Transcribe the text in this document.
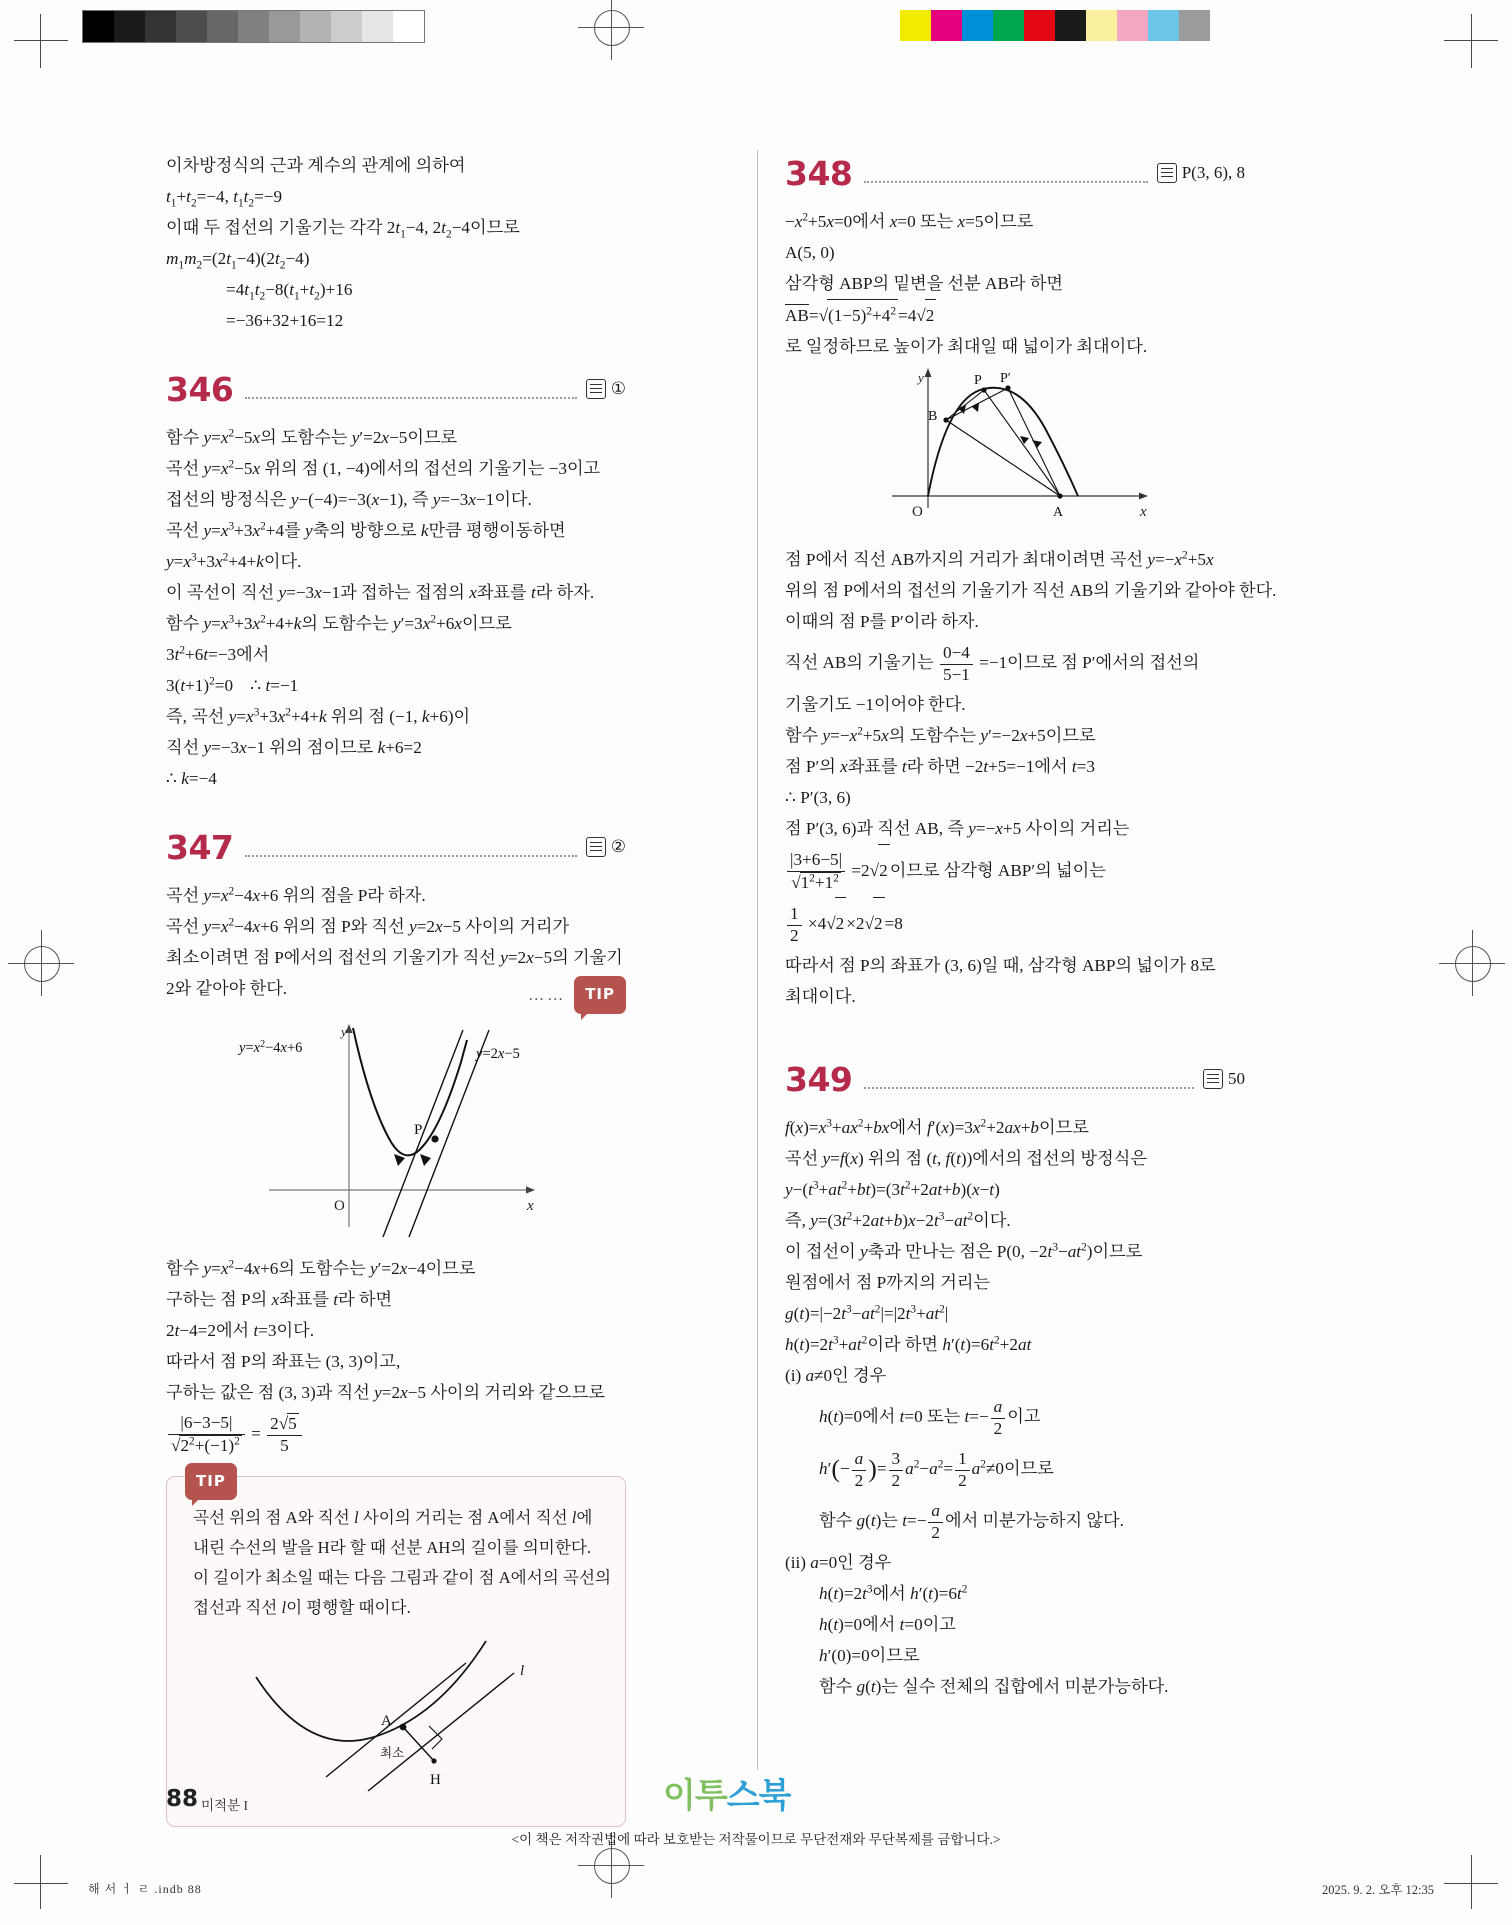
이차방정식의 근과 계수의 관계에 의하여
$t_1+t_2=-4$, $t_1t_2=-9$
이때 두 접선의 기울기는 각각 $2t_1-4$, $2t_2-4$이므로
$m_1m_2=(2t_1-4)(2t_2-4)$
$=4t_1t_2-8(t_1+t_2)+16$
=−36+32+16=12
346	①
함수 $y=x^2-5x$의 도함수는 y′=2x−5이므로
곡선 $y=x^2-5x$ 위의 점 (1, −4)에서의 접선의 기울기는 −3이고
접선의 방정식은 y−(−4)=−3(x−1), 즉 y=−3x−1이다.
곡선 $y=x^3+3x^2+4$를 y축의 방향으로 k만큼 평행이동하면
$y=x^3+3x^2+4+k$이다.
이 곡선이 직선 y=−3x−1과 접하는 접점의 x좌표를 t라 하자.
함수 $y=x^3+3x^2+4+k$의 도함수는 $y'=3x^2+6x$이므로
$3t^2+6t=-3$에서
$3(t+1)^2=0$    ∴ t=−1
즉, 곡선 $y=x^3+3x^2+4+k$ 위의 점 (−1, k+6)이
직선 y=−3x−1 위의 점이므로 k+6=2
∴ k=−4
347	②
곡선 $y=x^2-4x+6$ 위의 점을 P라 하자.
곡선 $y=x^2-4x+6$ 위의 점 P와 직선 y=2x−5 사이의 거리가
최소이려면 점 P에서의 접선의 기울기가 직선 y=2x−5의 기울기
2와 같아야 한다.	……	TIP
y
x
O
$y=x^2-4x+6$	y=2x−5
P
함수 $y=x^2-4x+6$의 도함수는 y′=2x−4이므로
구하는 점 P의 x좌표를 t라 하면
2t−4=2에서 t=3이다.
따라서 점 P의 좌표는 (3, 3)이고,
구하는 값은 점 (3, 3)과 직선 y=2x−5 사이의 거리와 같으므로
$\frac{|6-3-5|}{√2^2+(-1)^2} = \frac{2√5}{5}$
TIP
곡선 위의 점 A와 직선 l 사이의 거리는 점 A에서 직선 l에
내린 수선의 발을 H라 할 때 선분 AH의 길이를 의미한다.
이 길이가 최소일 때는 다음 그림과 같이 점 A에서의 곡선의
접선과 직선 l이 평행할 때이다.
l
A
H
최소
348	P(3, 6), 8
$-x^2+5x=0$에서 x=0 또는 x=5이므로
A(5, 0)
삼각형 ABP의 밑변을 선분 AB라 하면
$AB=√(1-5)^2+4^2 =4√2$
로 일정하므로 높이가 최대일 때 넓이가 최대이다.
y
x
O
B
P P′
A
점 P에서 직선 AB까지의 거리가 최대이려면 곡선 $y=-x^2+5x$
위의 점 P에서의 접선의 기울기가 직선 AB의 기울기와 같아야 한다.
이때의 점 P를 P′이라 하자.
직선 AB의 기울기는 $\frac{0-4}{5-1} =-1$이므로 점 P′에서의 접선의
기울기도 −1이어야 한다.
함수 $y=-x^2+5x$의 도함수는 y′=−2x+5이므로
점 P′의 x좌표를 t라 하면 −2t+5=−1에서 t=3
∴ P′(3, 6)
점 P′(3, 6)과 직선 AB, 즉 y=−x+5 사이의 거리는
$\frac{|3+6-5|}{√1^2+1^2} =2√2$ 이므로 삼각형 ABP′의 넓이는
$\frac{1}{2} \times 4√2 \times 2√2 =8$
따라서 점 P의 좌표가 (3, 6)일 때, 삼각형 ABP의 넓이가 8로
최대이다.
349	50
$f(x)=x^3+ax^2+bx$에서 $f'(x)=3x^2+2ax+b$이므로
곡선 y=f(x) 위의 점 (t, f(t))에서의 접선의 방정식은
$y-(t^3+at^2+bt)=(3t^2+2at+b)(x-t)$
즉, $y=(3t^2+2at+b)x-2t^3-at^2$이다.
이 접선이 y축과 만나는 점은 P(0, $-2t^3-at^2$)이므로
원점에서 점 P까지의 거리는
$g(t)=|-2t^3-at^2|=|2t^3+at^2|$
$h(t)=2t^3+at^2$이라 하면 $h'(t)=6t^2+2at$
(i) a≠0인 경우
h(t)=0에서 t=0 또는 $t=- \frac{a}{2}$ 이고
$h'(- \frac{a}{2}$ )= $\frac{3}{2} a^2-a^2= \frac{1}{2} a^2\ne 0$이므로
함수 g(t)는 $t=- \frac{a}{2}$ 에서 미분가능하지 않다.
(ii) a=0인 경우
$h(t)=2t^3$에서 $h'(t)=6t^2$
h(t)=0에서 t=0이고
h′(0)=0이므로
함수 g(t)는 실수 전체의 집합에서 미분가능하다.
88 미적분 I	이투스북
<이 책은 저작권법에 따라 보호받는 저작물이므로 무단전재와 무단복제를 금합니다.>
해 서 ㅓ ㄹ .indb 88	2025. 9. 2. 오후 12:35
